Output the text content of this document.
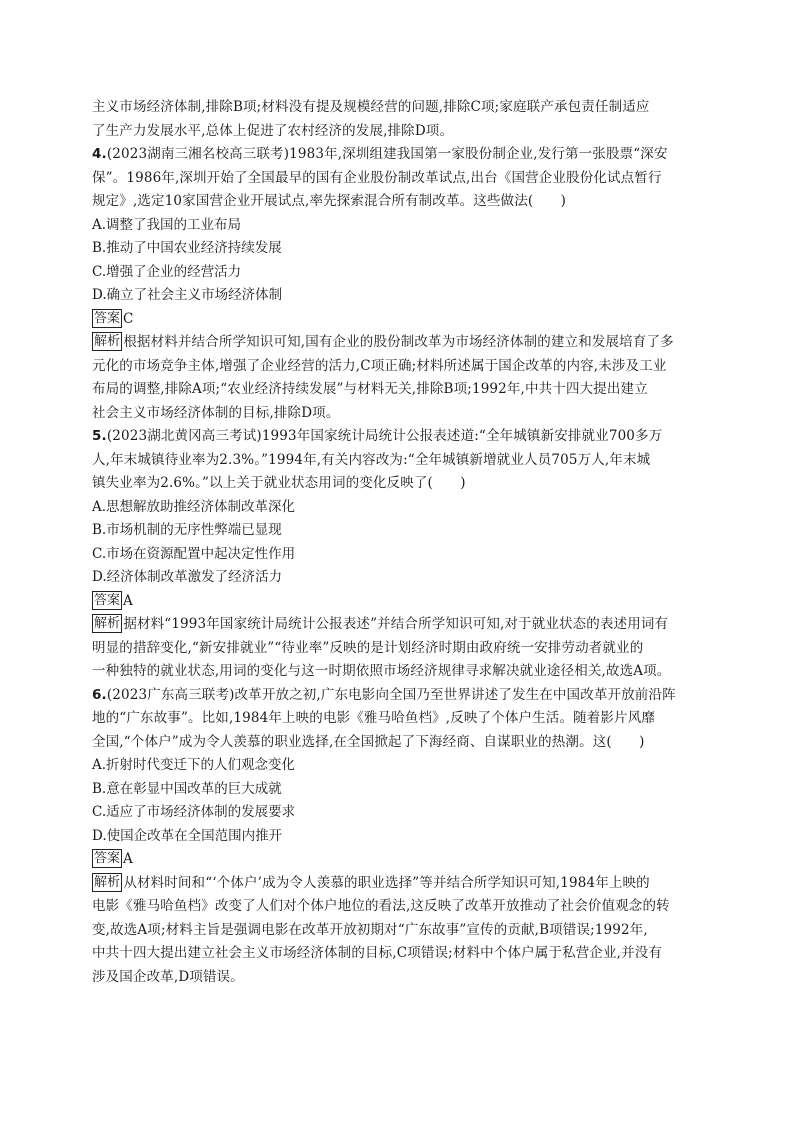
主义市场经济体制,排除B项;材料没有提及规模经营的问题,排除C项;家庭联产承包责任制适应
了生产力发展水平,总体上促进了农村经济的发展,排除D项。
4.(2023湖南三湘名校高三联考)1983年,深圳组建我国第一家股份制企业,发行第一张股票“深安
保”。1986年,深圳开始了全国最早的国有企业股份制改革试点,出台《国营企业股份化试点暂行
规定》,选定10家国营企业开展试点,率先探索混合所有制改革。这些做法(　　)
A.调整了我国的工业布局
B.推动了中国农业经济持续发展
C.增强了企业的经营活力
D.确立了社会主义市场经济体制
答案 C
解析 根据材料并结合所学知识可知,国有企业的股份制改革为市场经济体制的建立和发展培育了多
元化的市场竞争主体,增强了企业经营的活力,C项正确;材料所述属于国企改革的内容,未涉及工业
布局的调整,排除A项;“农业经济持续发展”与材料无关,排除B项;1992年,中共十四大提出建立
社会主义市场经济体制的目标,排除D项。
5.(2023湖北黄冈高三考试)1993年国家统计局统计公报表述道:“全年城镇新安排就业700多万
人,年末城镇待业率为2.3%。”1994年,有关内容改为:“全年城镇新增就业人员705万人,年末城
镇失业率为2.6%。”以上关于就业状态用词的变化反映了(　　)
A.思想解放助推经济体制改革深化
B.市场机制的无序性弊端已显现
C.市场在资源配置中起决定性作用
D.经济体制改革激发了经济活力
答案 A
解析 据材料“1993年国家统计局统计公报表述”并结合所学知识可知,对于就业状态的表述用词有
明显的措辞变化,“新安排就业”“待业率”反映的是计划经济时期由政府统一安排劳动者就业的
一种独特的就业状态,用词的变化与这一时期依照市场经济规律寻求解决就业途径相关,故选A项。
6.(2023广东高三联考)改革开放之初,广东电影向全国乃至世界讲述了发生在中国改革开放前沿阵
地的“广东故事”。比如,1984年上映的电影《雅马哈鱼档》,反映了个体户生活。随着影片风靡
全国,“个体户”成为令人羡慕的职业选择,在全国掀起了下海经商、自谋职业的热潮。这(　　)
A.折射时代变迁下的人们观念变化
B.意在彰显中国改革的巨大成就
C.适应了市场经济体制的发展要求
D.使国企改革在全国范围内推开
答案 A
解析 从材料时间和“‘个体户’成为令人羡慕的职业选择”等并结合所学知识可知,1984年上映的
电影《雅马哈鱼档》改变了人们对个体户地位的看法,这反映了改革开放推动了社会价值观念的转
变,故选A项;材料主旨是强调电影在改革开放初期对“广东故事”宣传的贡献,B项错误;1992年,
中共十四大提出建立社会主义市场经济体制的目标,C项错误;材料中个体户属于私营企业,并没有
涉及国企改革,D项错误。
